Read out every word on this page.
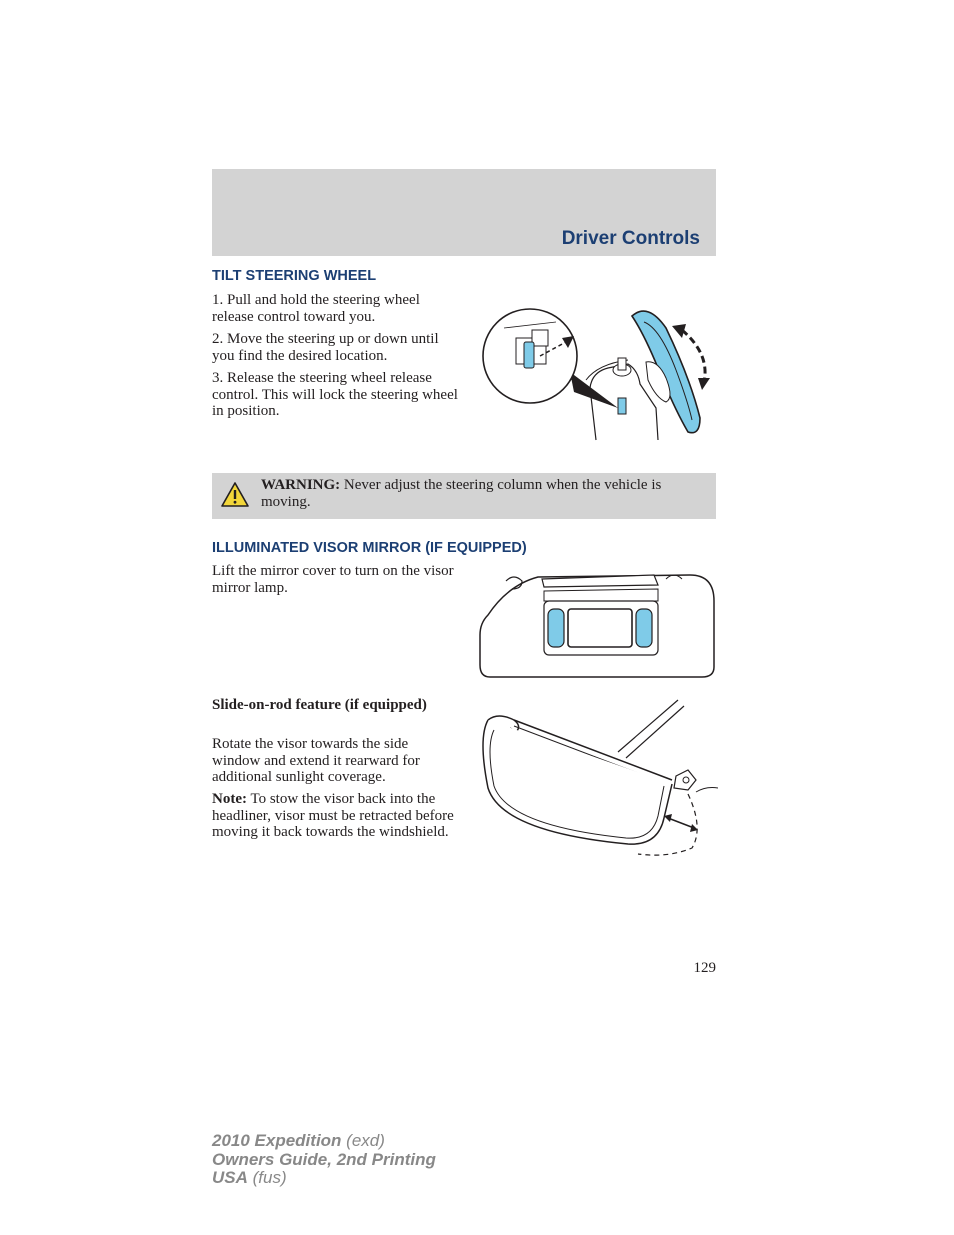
Driver Controls
TILT STEERING WHEEL

1. Pull and hold the steering wheel release control toward you.

2. Move the steering up or down until you find the desired location.

3. Release the steering wheel release control. This will lock the steering wheel in position.

WARNING: Never adjust the steering column when the vehicle is moving.
ILLUMINATED VISOR MIRROR (IF EQUIPPED)

Lift the mirror cover to turn on the visor mirror lamp.

Slide-on-rod feature (if equipped)

Rotate the visor towards the side window and extend it rearward for additional sunlight coverage.

Note: To stow the visor back into the headliner, visor must be retracted before moving it back towards the windshield.

129
2010 Expedition (exd)
Owners Guide, 2nd Printing
USA (fus)
